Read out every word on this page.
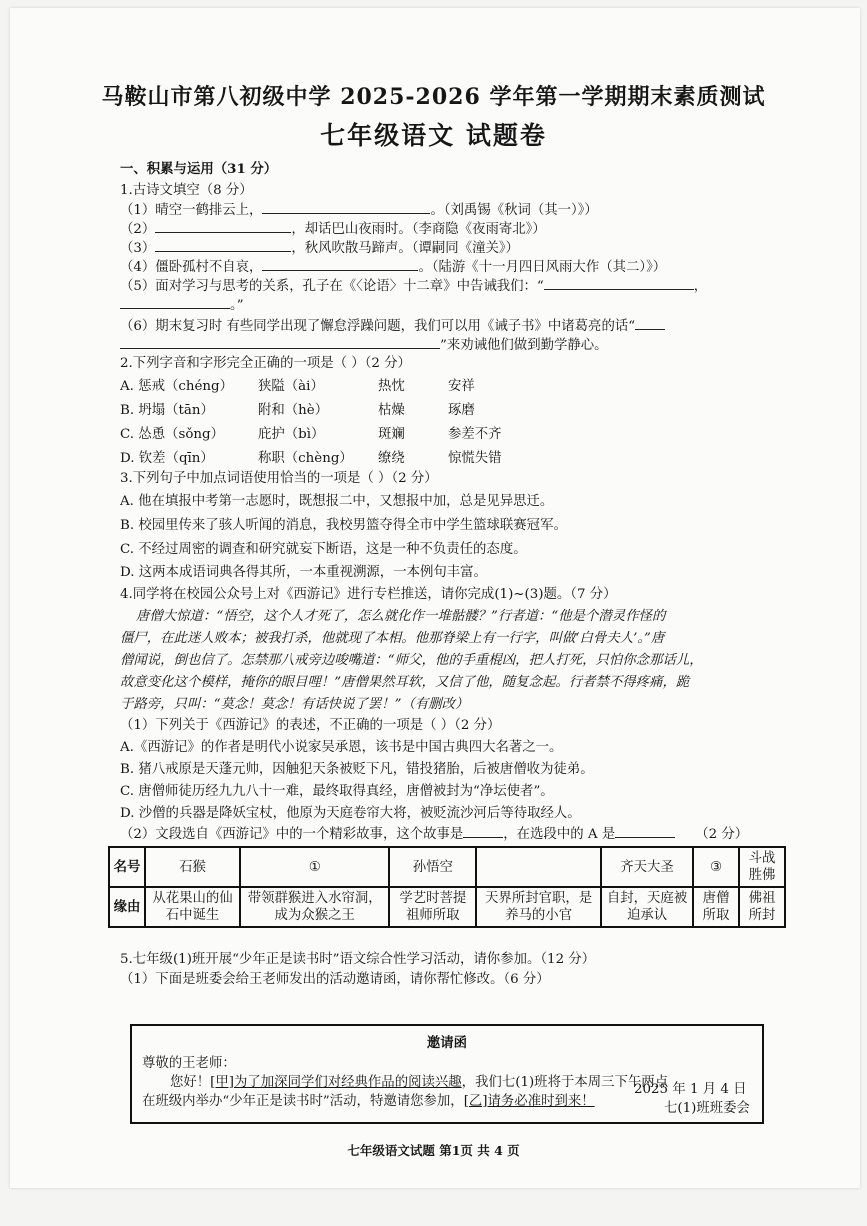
马鞍山市第八初级中学 2025-2026 学年第一学期期末素质测试
七年级语文 试题卷
一、积累与运用（31 分）
1.古诗文填空（8 分）
（1）晴空一鹤排云上，	。（刘禹锡《秋词（其一）》）
（2）	，却话巴山夜雨时。（李商隐《夜雨寄北》）
（3）	，秋风吹散马蹄声。（谭嗣同《潼关》）
（4）僵卧孤村不自哀，	。（陆游《十一月四日风雨大作（其二）》）
（5）面对学习与思考的关系，孔子在《〈论语〉十二章》中告诫我们：“	，
。”
（6）期末复习时 有些同学出现了懈怠浮躁问题，我们可以用《诫子书》中诸葛亮的话“
”来劝诫他们做到勤学静心。
2.下列字音和字形完全正确的一项是（ ）（2 分）
A. 惩戒（chéng） 狭隘（ài）	热忱	安祥
B. 坍塌（tān）	附和（hè）	枯燥	琢磨
C. 怂恿（sǒng）	庇护（bì）	斑斓	参差不齐
D. 钦差（qīn）	称职（chèng） 缭绕	惊慌失错
3.下列句子中加点词语使用恰当的一项是（ ）（2 分）
A. 他在填报中考第一志愿时，既想报二中，又想报中加，总是见异思迁。
B. 校园里传来了骇人听闻的消息，我校男篮夺得全市中学生篮球联赛冠军。
C. 不经过周密的调查和研究就妄下断语，这是一种不负责任的态度。
D. 这两本成语词典各得其所，一本重视溯源，一本例句丰富。
4.同学将在校园公众号上对《西游记》进行专栏推送，请你完成(1)~(3)题。（7 分）
唐僧大惊道：“悟空，这个人才死了，怎么就化作一堆骷髅？”行者道：“他是个潜灵作怪的
僵尸，在此迷人败本；被我打杀，他就现了本相。他那脊梁上有一行字，叫做‘白骨夫人’。”唐
僧闻说，倒也信了。怎禁那八戒旁边唆嘴道：“师父，他的手重棍凶，把人打死，只怕你念那话儿，
故意变化这个模样，掩你的眼目哩！”唐僧果然耳软，又信了他，随复念起。行者禁不得疼痛，跪
于路旁，只叫：“莫念！莫念！有话快说了罢！”（有删改）
（1）下列关于《西游记》的表述，不正确的一项是（ ）（2 分）
A.《西游记》的作者是明代小说家吴承恩，该书是中国古典四大名著之一。
B. 猪八戒原是天蓬元帅，因触犯天条被贬下凡，错投猪胎，后被唐僧收为徒弟。
C. 唐僧师徒历经九九八十一难，最终取得真经，唐僧被封为“净坛使者”。
D. 沙僧的兵器是降妖宝杖，他原为天庭卷帘大将，被贬流沙河后等待取经人。
（2）文段选自《西游记》中的一个精彩故事，这个故事是	，在选段中的 A 是	（2 分）
名号	石猴	①	孙悟空		齐天大圣	③	斗战胜佛
缘由	从花果山的仙石中诞生	带领群猴进入水帘洞，成为众猴之王	学艺时菩提祖师所取	天界所封官职，是养马的小官	自封，天庭被迫承认	唐僧所取	佛祖所封
5.七年级(1)班开展“少年正是读书时”语文综合性学习活动，请你参加。（12 分）
（1）下面是班委会给王老师发出的活动邀请函，请你帮忙修改。（6 分）
邀请函
尊敬的王老师：
您好！[甲]为了加深同学们对经典作品的阅读兴趣，我们七(1)班将于本周三下午两点
在班级内举办“少年正是读书时”活动，特邀请您参加，[乙]请务必准时到来！
2025 年 1 月 4 日
七(1)班班委会
七年级语文试题 第1页 共 4 页
